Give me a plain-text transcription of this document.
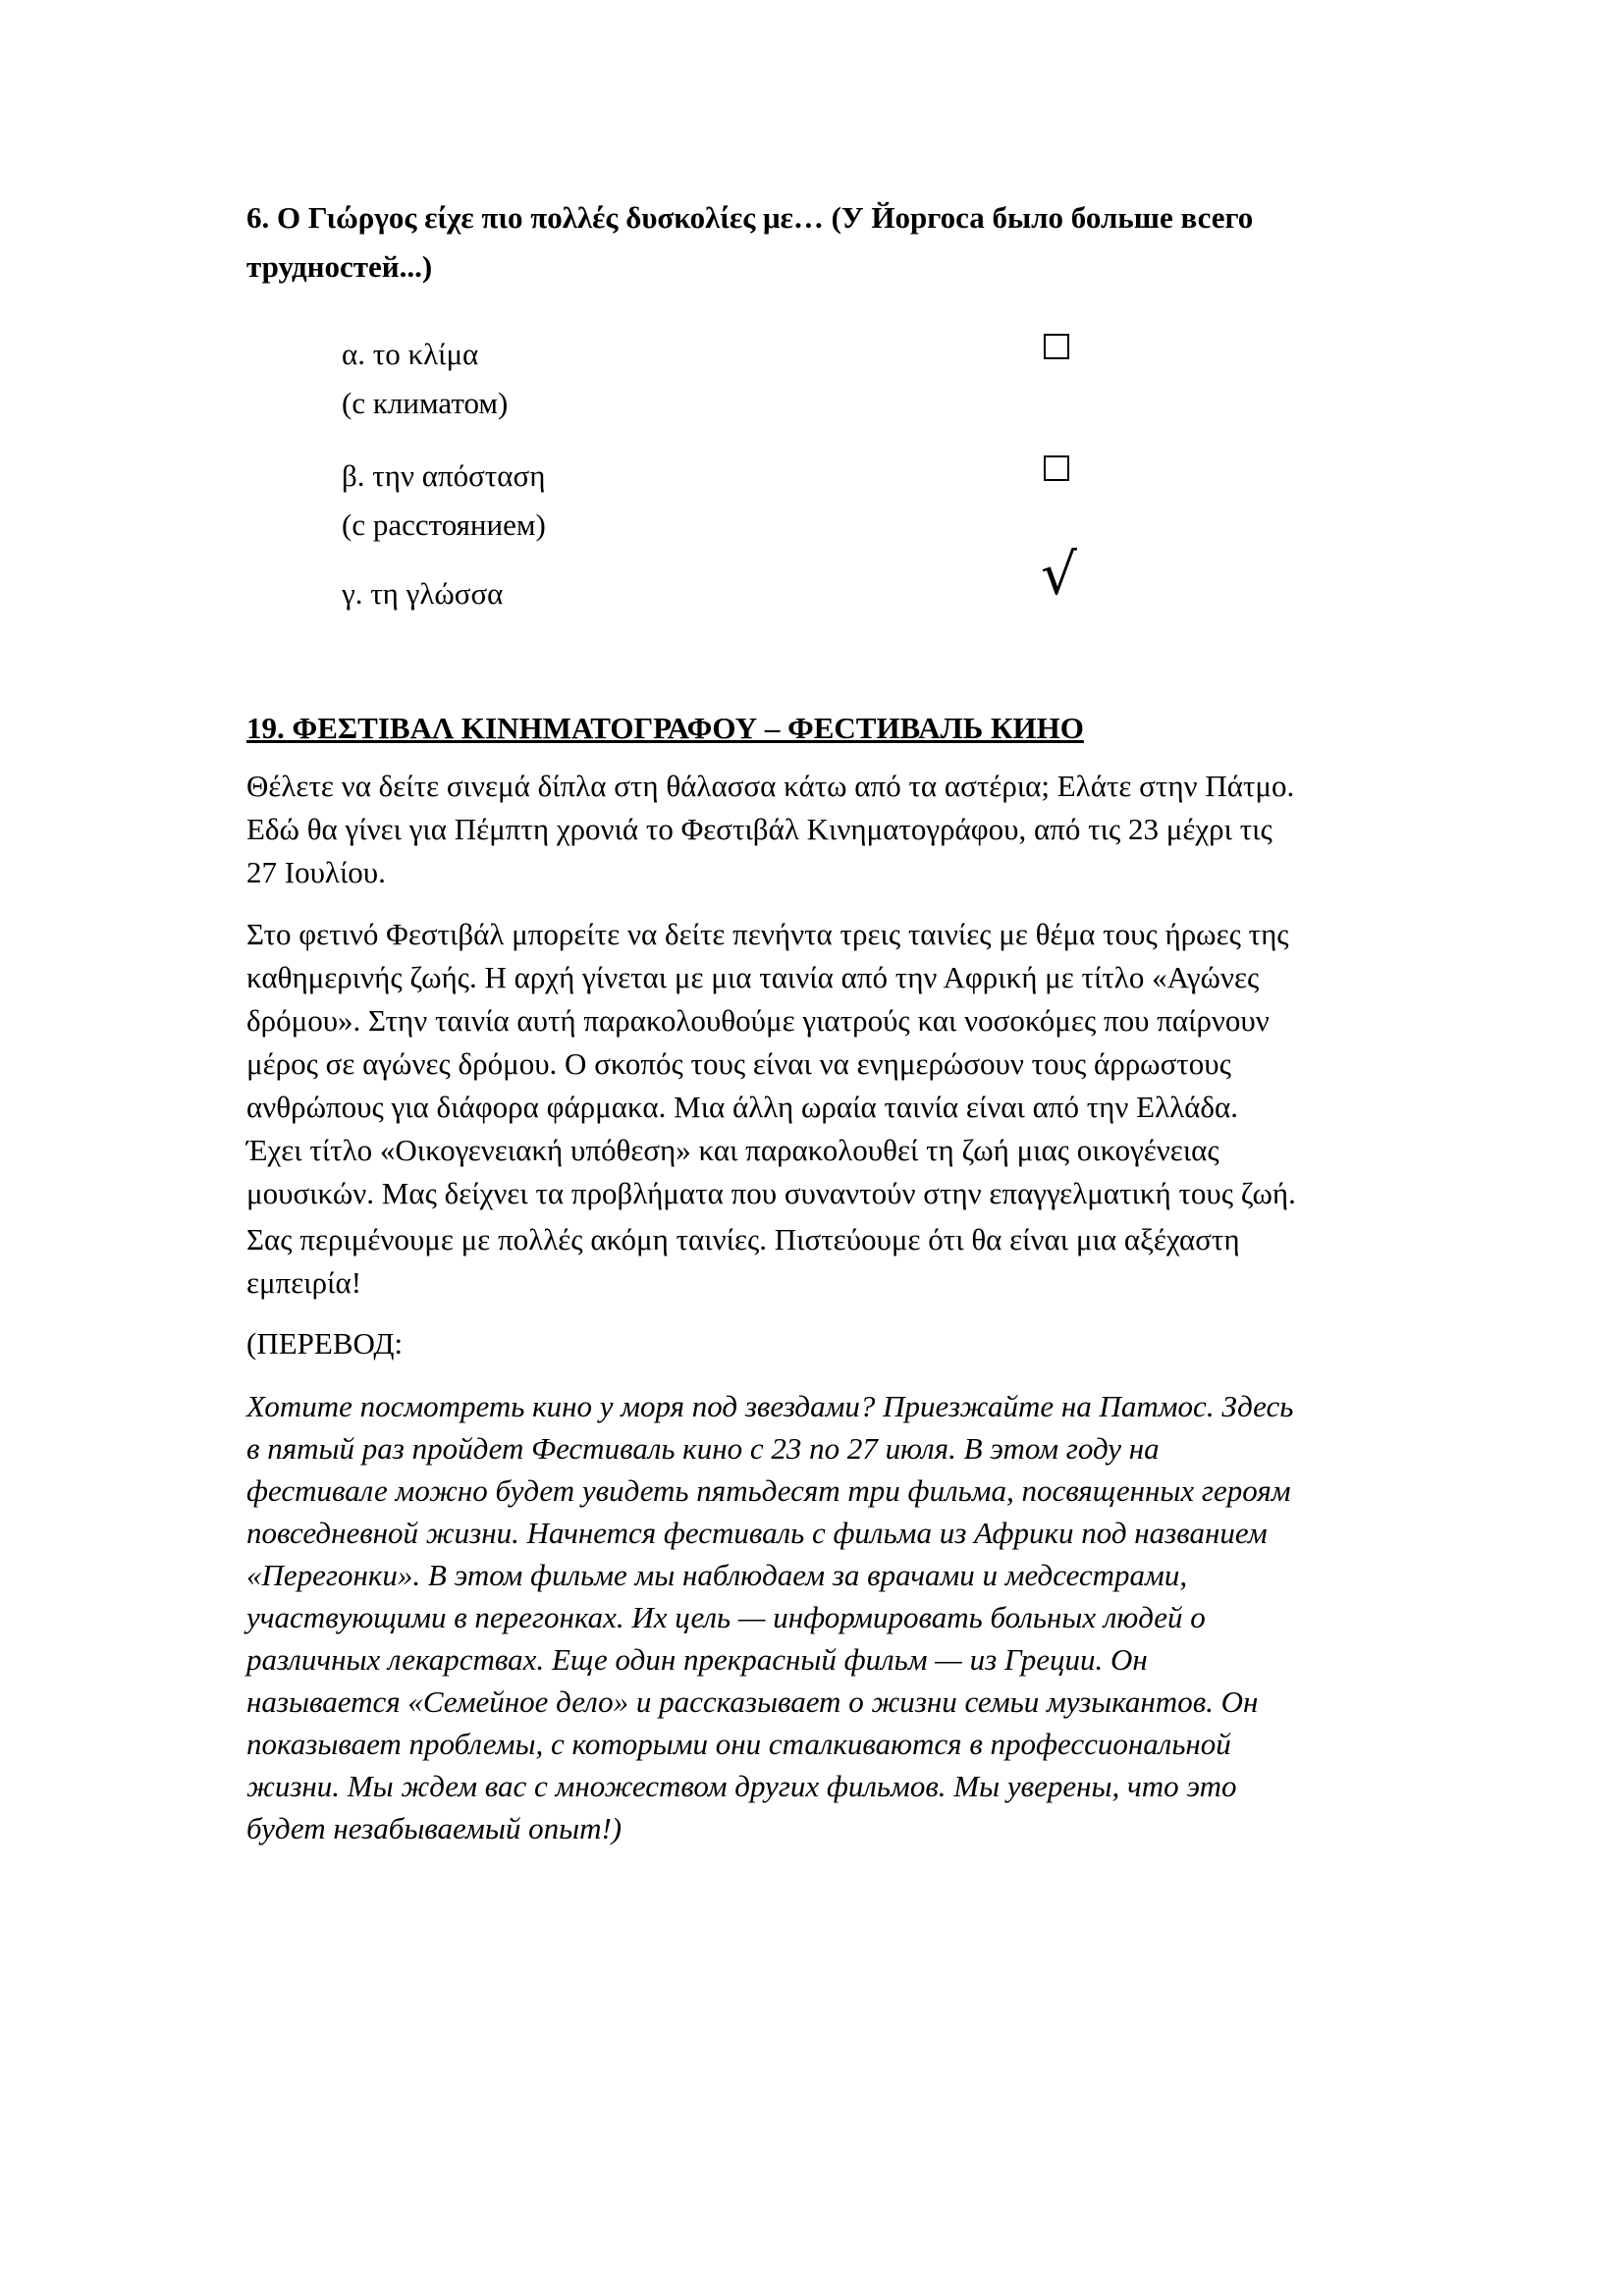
6. Ο Γιώργος είχε πιο πολλές δυσκολίες με… (У Йоргоса было больше всего
трудностей...)
α. το κλίμα
(с климатом)
β. την απόσταση
(с расстоянием)
γ. τη γλώσσα	√
19. ΦΕΣΤΙΒΑΛ ΚΙΝΗΜΑΤΟΓΡΑΦΟΥ – ФЕСТИВАЛЬ КИНО

Θέλετε να δείτε σινεμά δίπλα στη θάλασσα κάτω από τα αστέρια; Ελάτε στην Πάτμο.
Εδώ θα γίνει για Πέμπτη χρονιά το Φεστιβάλ Κινηματογράφου, από τις 23 μέχρι τις
27 Ιουλίου.

Στο φετινό Φεστιβάλ μπορείτε να δείτε πενήντα τρεις ταινίες με θέμα τους ήρωες της
καθημερινής ζωής. Η αρχή γίνεται με μια ταινία από την Αφρική με τίτλο «Αγώνες
δρόμου». Στην ταινία αυτή παρακολουθούμε γιατρούς και νοσοκόμες που παίρνουν
μέρος σε αγώνες δρόμου. Ο σκοπός τους είναι να ενημερώσουν τους άρρωστους
ανθρώπους για διάφορα φάρμακα. Μια άλλη ωραία ταινία είναι από την Ελλάδα.
Έχει τίτλο «Οικογενειακή υπόθεση» και παρακολουθεί τη ζωή μιας οικογένειας
μουσικών. Μας δείχνει τα προβλήματα που συναντούν στην επαγγελματική τους ζωή.

Σας περιμένουμε με πολλές ακόμη ταινίες. Πιστεύουμε ότι θα είναι μια αξέχαστη
εμπειρία!

(ПЕРЕВОД:

Хотите посмотреть кино у моря под звездами? Приезжайте на Патмос. Здесь
в пятый раз пройдет Фестиваль кино с 23 по 27 июля. В этом году на
фестивале можно будет увидеть пятьдесят три фильма, посвященных героям
повседневной жизни. Начнется фестиваль с фильма из Африки под названием
«Перегонки». В этом фильме мы наблюдаем за врачами и медсестрами,
участвующими в перегонках. Их цель — информировать больных людей о
различных лекарствах. Еще один прекрасный фильм — из Греции. Он
называется «Семейное дело» и рассказывает о жизни семьи музыкантов. Он
показывает проблемы, с которыми они сталкиваются в профессиональной
жизни. Мы ждем вас с множеством других фильмов. Мы уверены, что это
будет незабываемый опыт!)
